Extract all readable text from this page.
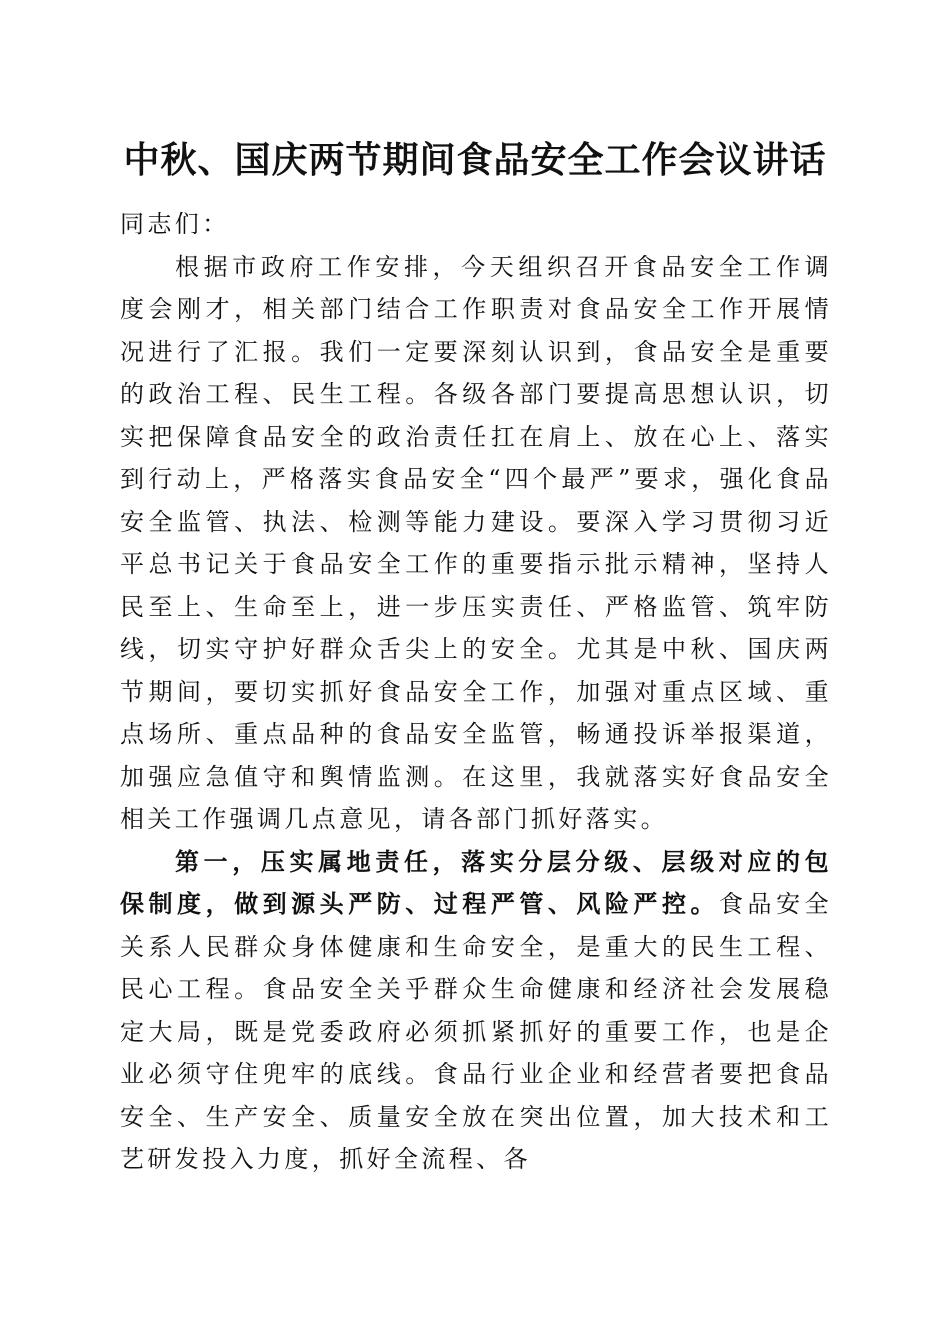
中秋、国庆两节期间食品安全工作会议讲话

同志们：

根据市政府工作安排，今天组织召开食品安全工作调度会刚才，相关部门结合工作职责对食品安全工作开展情况进行了汇报。我们一定要深刻认识到，食品安全是重要的政治工程、民生工程。各级各部门要提高思想认识，切实把保障食品安全的政治责任扛在肩上、放在心上、落实到行动上，严格落实食品安全“四个最严”要求，强化食品安全监管、执法、检测等能力建设。要深入学习贯彻习近平总书记关于食品安全工作的重要指示批示精神，坚持人民至上、生命至上，进一步压实责任、严格监管、筑牢防线，切实守护好群众舌尖上的安全。尤其是中秋、国庆两节期间，要切实抓好食品安全工作，加强对重点区域、重点场所、重点品种的食品安全监管，畅通投诉举报渠道，加强应急值守和舆情监测。在这里，我就落实好食品安全相关工作强调几点意见，请各部门抓好落实。

第一，压实属地责任，落实分层分级、层级对应的包保制度，做到源头严防、过程严管、风险严控。食品安全关系人民群众身体健康和生命安全，是重大的民生工程、民心工程。食品安全关乎群众生命健康和经济社会发展稳定大局，既是党委政府必须抓紧抓好的重要工作，也是企业必须守住兜牢的底线。食品行业企业和经营者要把食品安全、生产安全、质量安全放在突出位置，加大技术和工艺研发投入力度，抓好全流程、各
